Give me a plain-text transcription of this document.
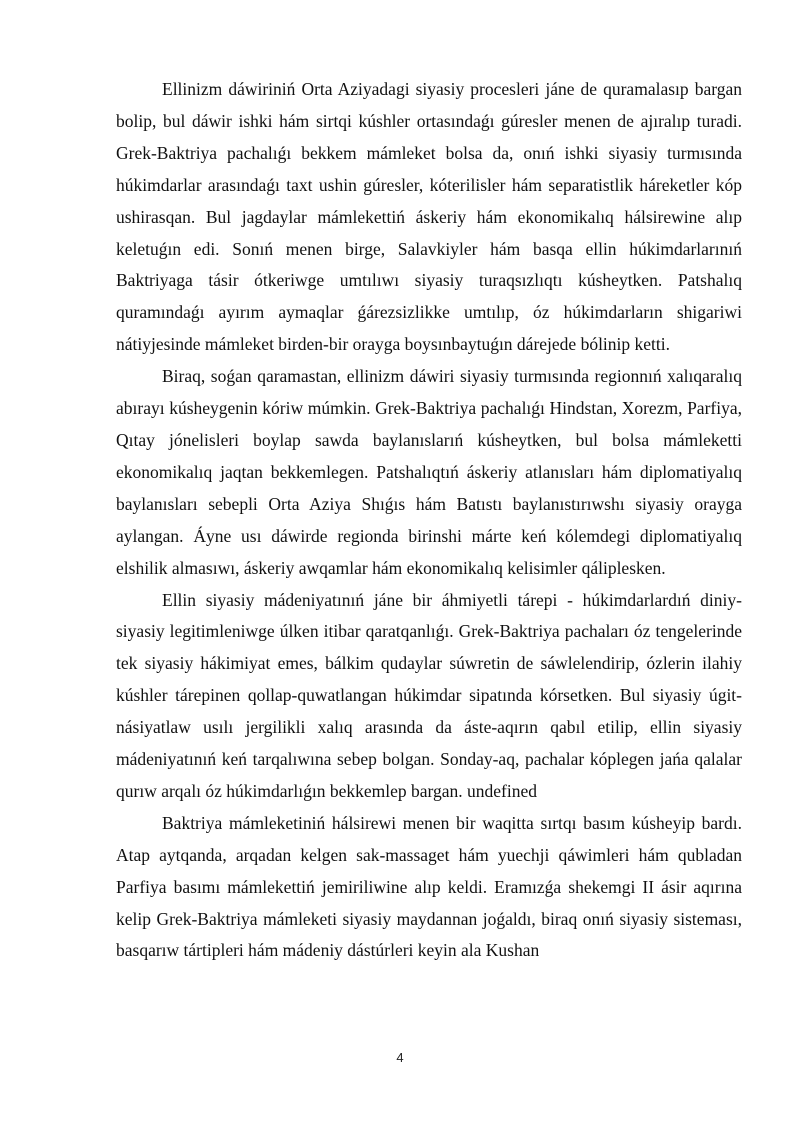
Ellinizm dáwiriniń Orta Aziyadagi siyasiy procesleri jáne de quramalasıp bargan bolip, bul dáwir ishki hám sirtqi kúshler ortasındaǵı gúresler menen de ajıralıp turadi. Grek-Baktriya pachalıǵı bekkem mámleket bolsa da, onıń ishki siyasiy turmısında húkimdarlar arasındaǵı taxt ushin gúresler, kóterilisler hám separatistlik háreketler kóp ushirasqan. Bul jagdaylar mámlekettiń áskeriy hám ekonomikalıq hálsirewine alıp keletuǵın edi. Sonıń menen birge, Salavkiyler hám basqa ellin húkimdarlarınıń Baktriyaga tásir ótkeriwge umtılıwı siyasiy turaqsızlıqtı kúsheytken. Patshalıq quramındaǵı ayırım aymaqlar ǵárezsizlikke umtılıp, óz húkimdarların shigariwi nátiyjesinde mámleket birden-bir orayga boysınbaytuǵın dárejede bólinip ketti.

Biraq, soǵan qaramastan, ellinizm dáwiri siyasiy turmısında regionnıń xalıqaralıq abırayı kúsheygenin kóriw múmkin. Grek-Baktriya pachalıǵı Hindstan, Xorezm, Parfiya, Qıtay jónelisleri boylap sawda baylanıslarıń kúsheytken, bul bolsa mámleketti ekonomikalıq jaqtan bekkemlegen. Patshalıqtıń áskeriy atlanısları hám diplomatiyalıq baylanısları sebepli Orta Aziya Shıǵıs hám Batıstı baylanıstırıwshı siyasiy orayga aylangan. Áyne usı dáwirde regionda birinshi márte keń kólemdegi diplomatiyalıq elshilik almasıwı, áskeriy awqamlar hám ekonomikalıq kelisimler qáliplesken.

Ellin siyasiy mádeniyatınıń jáne bir áhmiyetli tárepi - húkimdarlardıń diniy-siyasiy legitimleniwge úlken itibar qaratqanlıǵı. Grek-Baktriya pachaları óz tengelerinde tek siyasiy hákimiyat emes, bálkim qudaylar súwretin de sáwlelendirip, ózlerin ilahiy kúshler tárepinen qollap-quwatlangan húkimdar sipatında kórsetken. Bul siyasiy úgit-násiyatlaw usılı jergilikli xalıq arasında da áste-aqırın qabıl etilip, ellin siyasiy mádeniyatınıń keń tarqalıwına sebep bolgan. Sonday-aq, pachalar kóplegen jańa qalalar qurıw arqalı óz húkimdarlıǵın bekkemlep bargan. undefined

Baktriya mámleketiniń hálsirewi menen bir waqitta sırtqı basım kúsheyip bardı. Atap aytqanda, arqadan kelgen sak-massaget hám yuechji qáwimleri hám qubladan Parfiya basımı mámlekettiń jemiriliwine alıp keldi. Eramızǵa shekemgi II ásir aqırına kelip Grek-Baktriya mámleketi siyasiy maydannan joǵaldı, biraq onıń siyasiy sisteması, basqarıw tártipleri hám mádeniy dástúrleri keyin ala Kushan

4
